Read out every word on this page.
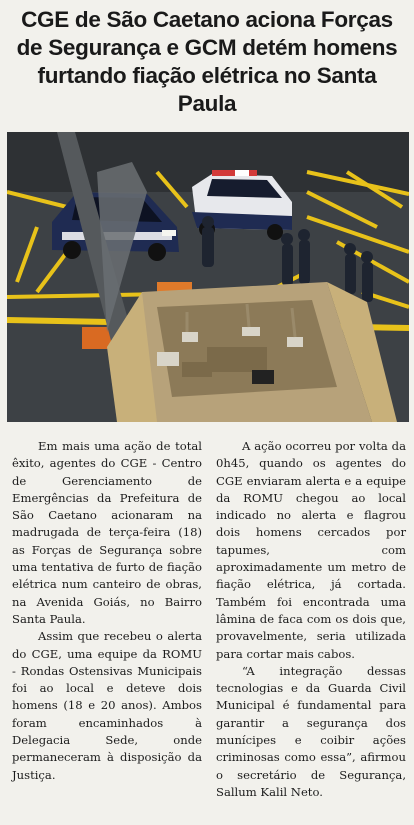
CGE de São Caetano aciona Forças
de Segurança e GCM detém homens
furtando fiação elétrica no Santa Paula

Em mais uma ação de total êxito, agentes do CGE - Centro de Gerenciamento de Emergências da Prefeitura de São Caetano acionaram na madrugada de terça-feira (18) as Forças de Segurança sobre uma tentativa de furto de fiação elétrica num canteiro de obras, na Avenida Goiás, no Bairro Santa Paula.

Assim que recebeu o alerta do CGE, uma equipe da ROMU - Rondas Ostensivas Municipais foi ao local e deteve dois homens (18 e 20 anos). Ambos foram encaminhados à Delegacia Sede, onde permaneceram à disposição da Justiça.

A ação ocorreu por volta da 0h45, quando os agentes do CGE enviaram alerta e a equipe da ROMU chegou ao local indicado no alerta e flagrou dois homens cercados por tapumes, com aproximadamente um metro de fiação elétrica, já cortada. Também foi encontrada uma lâmina de faca com os dois que, provavelmente, seria utilizada para cortar mais cabos.

“A integração dessas tecnologias e da Guarda Civil Municipal é fundamental para garantir a segurança dos munícipes e coibir ações criminosas como essa”, afirmou o secretário de Segurança, Sallum Kalil Neto.
